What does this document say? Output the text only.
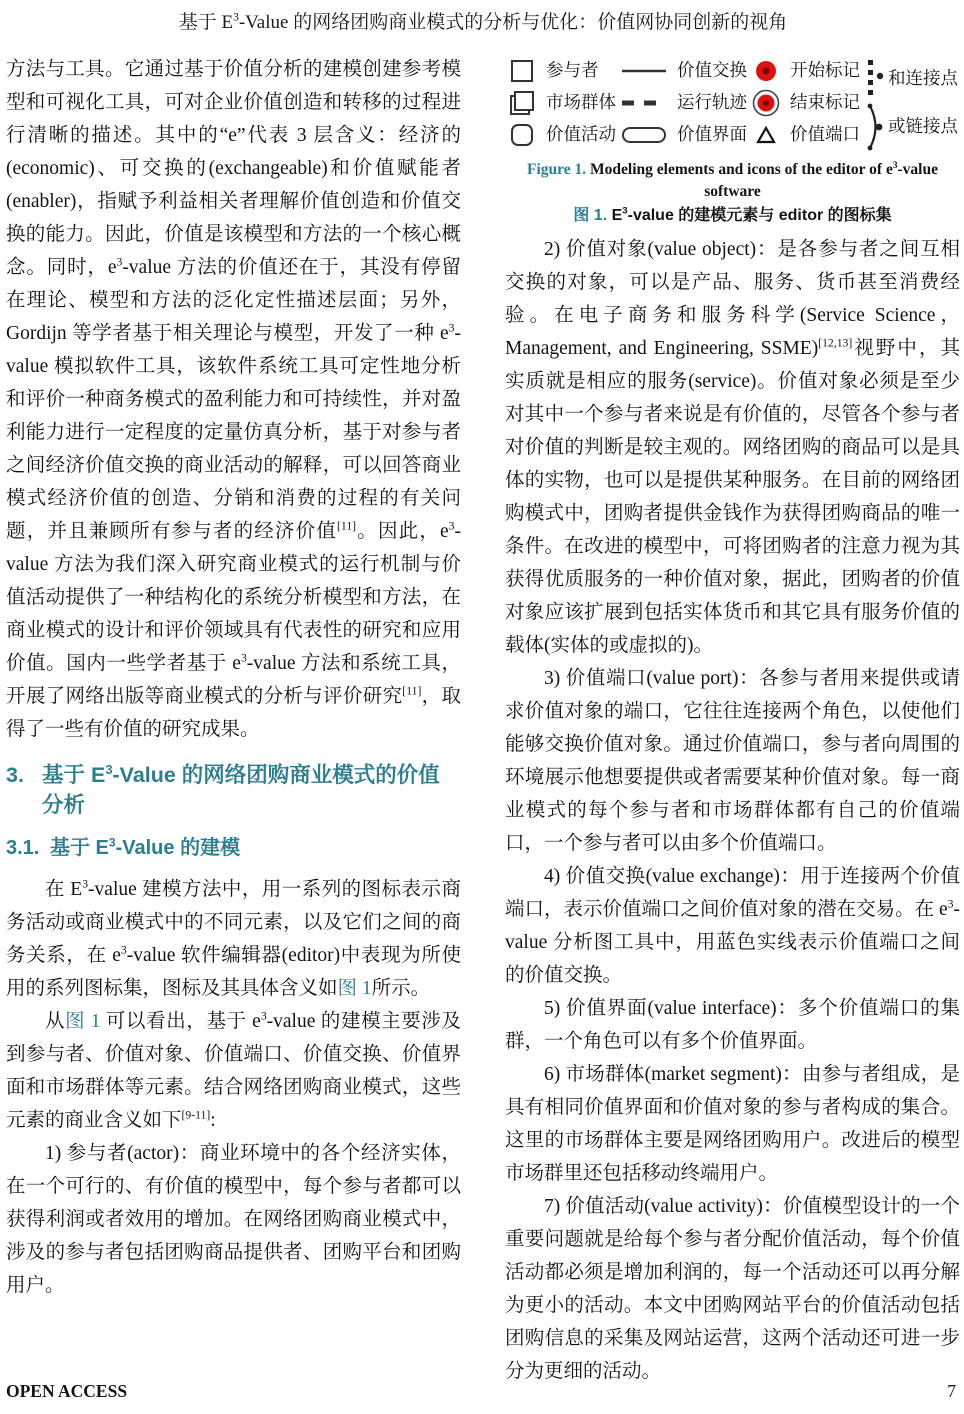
基于 $E^3$-Value 的网络团购商业模式的分析与优化：价值网协同创新的视角

方法与工具。它通过基于价值分析的建模创建参考模型和可视化工具，可对企业价值创造和转移的过程进行清晰的描述。其中的“e”代表 3 层含义：经济的(economic)、可交换的(exchangeable)和价值赋能者(enabler)，指赋予利益相关者理解价值创造和价值交换的能力。因此，价值是该模型和方法的一个核心概念。同时，$e^3$-value 方法的价值还在于，其没有停留在理论、模型和方法的泛化定性描述层面；另外，Gordijn 等学者基于相关理论与模型，开发了一种 $e^3$-value 模拟软件工具，该软件系统工具可定性地分析和评价一种商务模式的盈利能力和可持续性，并对盈利能力进行一定程度的定量仿真分析，基于对参与者之间经济价值交换的商业活动的解释，可以回答商业模式经济价值的创造、分销和消费的过程的有关问题，并且兼顾所有参与者的经济价值[11]。因此，$e^3$-value 方法为我们深入研究商业模式的运行机制与价值活动提供了一种结构化的系统分析模型和方法，在商业模式的设计和评价领域具有代表性的研究和应用价值。国内一些学者基于 $e^3$-value 方法和系统工具，开展了网络出版等商业模式的分析与评价研究[11]，取得了一些有价值的研究成果。

3. 基于 $E^3$-Value 的网络团购商业模式的价值分析
3.1. 基于 $E^3$-Value 的建模

在 $E^3$-value 建模方法中，用一系列的图标表示商务活动或商业模式中的不同元素，以及它们之间的商务关系，在 $e^3$-value 软件编辑器(editor)中表现为所使用的系列图标集，图标及其具体含义如图 1所示。

从图 1 可以看出，基于 $e^3$-value 的建模主要涉及到参与者、价值对象、价值端口、价值交换、价值界面和市场群体等元素。结合网络团购商业模式，这些元素的商业含义如下[9-11]:

1) 参与者(actor)：商业环境中的各个经济实体，在一个可行的、有价值的模型中，每个参与者都可以获得利润或者效用的增加。在网络团购商业模式中，涉及的参与者包括团购商品提供者、团购平台和团购用户。

参与者
市场群体
价值活动
价值交换
运行轨迹
价值界面
开始标记
结束标记
价值端口
和连接点
或链接点
Figure 1. Modeling elements and icons of the editor of $e^3$-value software
图 1. $E^3$-value 的建模元素与 editor 的图标集

2) 价值对象(value object)：是各参与者之间互相交换的对象，可以是产品、服务、货币甚至消费经验。在电子商务和服务科学(Service Science，Management, and Engineering, SSME)[12,13]视野中，其实质就是相应的服务(service)。价值对象必须是至少对其中一个参与者来说是有价值的，尽管各个参与者对价值的判断是较主观的。网络团购的商品可以是具体的实物，也可以是提供某种服务。在目前的网络团购模式中，团购者提供金钱作为获得团购商品的唯一条件。在改进的模型中，可将团购者的注意力视为其获得优质服务的一种价值对象，据此，团购者的价值对象应该扩展到包括实体货币和其它具有服务价值的载体(实体的或虚拟的)。

3) 价值端口(value port)：各参与者用来提供或请求价值对象的端口，它往往连接两个角色，以使他们能够交换价值对象。通过价值端口，参与者向周围的环境展示他想要提供或者需要某种价值对象。每一商业模式的每个参与者和市场群体都有自己的价值端口，一个参与者可以由多个价值端口。

4) 价值交换(value exchange)：用于连接两个价值端口，表示价值端口之间价值对象的潜在交易。在 $e^3$-value 分析图工具中，用蓝色实线表示价值端口之间的价值交换。

5) 价值界面(value interface)：多个价值端口的集群，一个角色可以有多个价值界面。

6) 市场群体(market segment)：由参与者组成，是具有相同价值界面和价值对象的参与者构成的集合。这里的市场群体主要是网络团购用户。改进后的模型市场群里还包括移动终端用户。

7) 价值活动(value activity)：价值模型设计的一个重要问题就是给每个参与者分配价值活动，每个价值活动都必须是增加利润的，每一个活动还可以再分解为更小的活动。本文中团购网站平台的价值活动包括团购信息的采集及网站运营，这两个活动还可进一步分为更细的活动。

OPEN ACCESS	7
